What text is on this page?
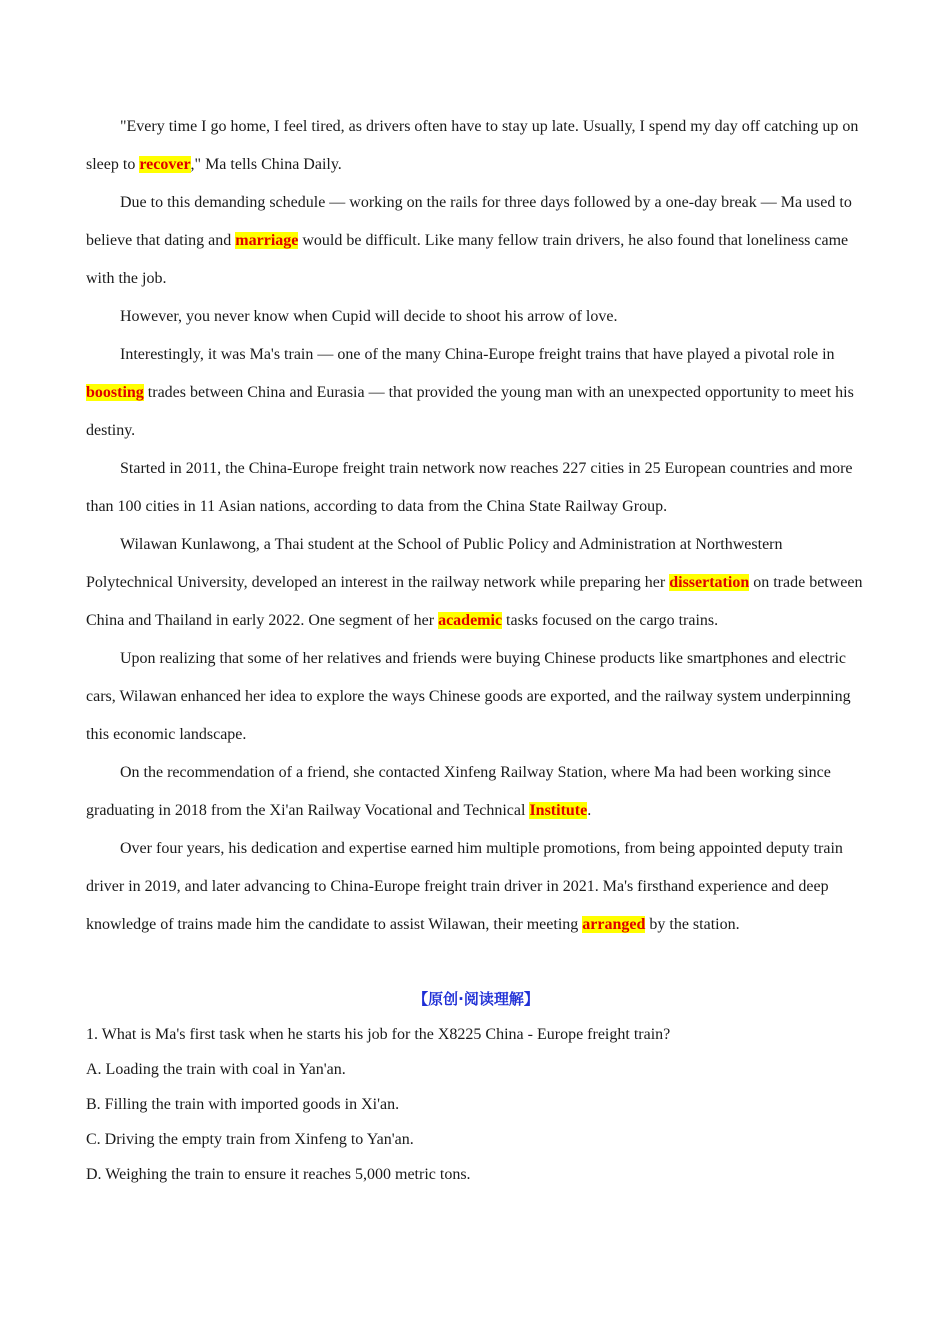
"Every time I go home, I feel tired, as drivers often have to stay up late. Usually, I spend my day off catching up on sleep to recover," Ma tells China Daily.

Due to this demanding schedule — working on the rails for three days followed by a one-day break — Ma used to believe that dating and marriage would be difficult. Like many fellow train drivers, he also found that loneliness came with the job.

However, you never know when Cupid will decide to shoot his arrow of love.

Interestingly, it was Ma's train — one of the many China-Europe freight trains that have played a pivotal role in boosting trades between China and Eurasia — that provided the young man with an unexpected opportunity to meet his destiny.

Started in 2011, the China-Europe freight train network now reaches 227 cities in 25 European countries and more than 100 cities in 11 Asian nations, according to data from the China State Railway Group.

Wilawan Kunlawong, a Thai student at the School of Public Policy and Administration at Northwestern Polytechnical University, developed an interest in the railway network while preparing her dissertation on trade between China and Thailand in early 2022. One segment of her academic tasks focused on the cargo trains.

Upon realizing that some of her relatives and friends were buying Chinese products like smartphones and electric cars, Wilawan enhanced her idea to explore the ways Chinese goods are exported, and the railway system underpinning this economic landscape.

On the recommendation of a friend, she contacted Xinfeng Railway Station, where Ma had been working since graduating in 2018 from the Xi'an Railway Vocational and Technical Institute.

Over four years, his dedication and expertise earned him multiple promotions, from being appointed deputy train driver in 2019, and later advancing to China-Europe freight train driver in 2021. Ma's firsthand experience and deep knowledge of trains made him the candidate to assist Wilawan, their meeting arranged by the station.

【原创·阅读理解】

1. What is Ma's first task when he starts his job for the X8225 China - Europe freight train?

A. Loading the train with coal in Yan'an.

B. Filling the train with imported goods in Xi'an.

C. Driving the empty train from Xinfeng to Yan'an.

D. Weighing the train to ensure it reaches 5,000 metric tons.
